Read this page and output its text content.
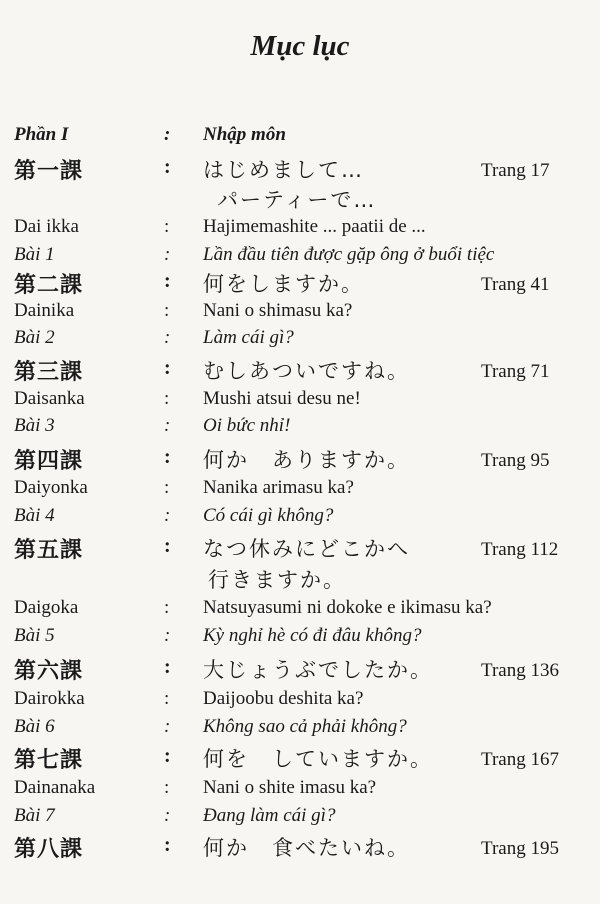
Mục lục
Phần I	: Nhập môn
第一課	: はじめまして…	Trang 17
パーティーで…
Dai ikka	: Hajimemashite ... paatii de ...
Bài 1	: Lần đầu tiên được gặp ông ở buổi tiệc
第二課	: 何をしますか。	Trang 41
Dainika	: Nani o shimasu ka?
Bài 2	: Làm cái gì?
第三課	: むしあついですね。	Trang 71
Daisanka	: Mushi atsui desu ne!
Bài 3	: Oi bức nhỉ!
第四課	: 何か　ありますか。	Trang 95
Daiyonka	: Nanika arimasu ka?
Bài 4	: Có cái gì không?
第五課	: なつ休みにどこかへ	Trang 112
行きますか。
Daigoka	: Natsuyasumi ni dokoke e ikimasu ka?
Bài 5	: Kỳ nghỉ hè có đi đâu không?
第六課	: 大じょうぶでしたか。	Trang 136
Dairokka	: Daijoobu deshita ka?
Bài 6	: Không sao cả phải không?
第七課	: 何を　していますか。	Trang 167
Dainanaka	: Nani o shite imasu ka?
Bài 7	: Đang làm cái gì?
第八課	: 何か　食べたいね。	Trang 195
